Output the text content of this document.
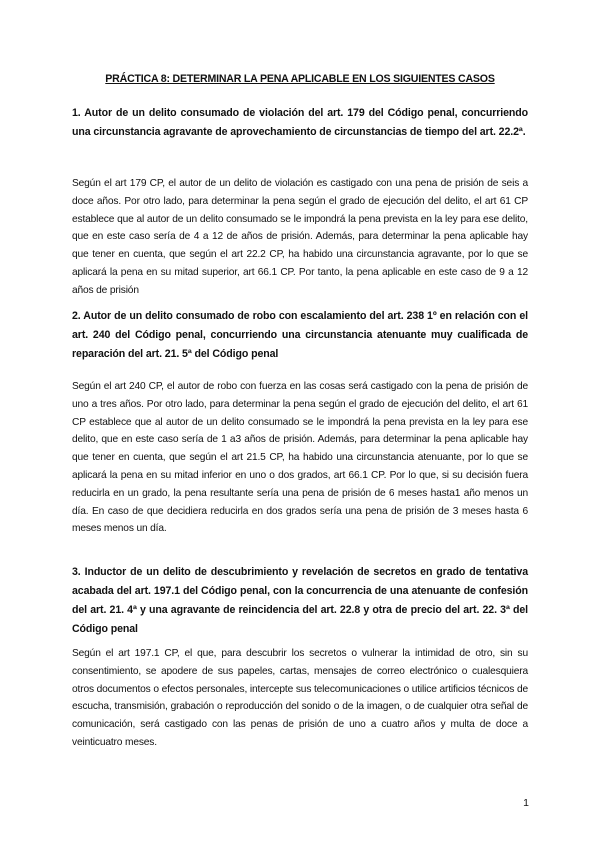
PRÁCTICA 8: DETERMINAR LA PENA APLICABLE EN LOS SIGUIENTES CASOS

1. Autor de un delito consumado de violación del art. 179 del Código penal, concurriendo una circunstancia agravante de aprovechamiento de circunstancias de tiempo del art. 22.2ª.

Según el art 179 CP, el autor de un delito de violación es castigado con una pena de prisión de seis a doce años. Por otro lado, para determinar la pena según el grado de ejecución del delito, el art 61 CP establece que al autor de un delito consumado se le impondrá la pena prevista en la ley para ese delito, que en este caso sería de 4 a 12 de años de prisión. Además, para determinar la pena aplicable hay que tener en cuenta, que según el art 22.2 CP, ha habido una circunstancia agravante, por lo que se aplicará la pena en su mitad superior, art 66.1 CP. Por tanto, la pena aplicable en este caso de 9 a 12 años de prisión

2. Autor de un delito consumado de robo con escalamiento del art. 238 1º en relación con el art. 240 del Código penal, concurriendo una circunstancia atenuante muy cualificada de reparación del art. 21. 5ª del Código penal

Según el art 240 CP, el autor de robo con fuerza en las cosas será castigado con la pena de prisión de uno a tres años. Por otro lado, para determinar la pena según el grado de ejecución del delito, el art 61 CP establece que al autor de un delito consumado se le impondrá la pena prevista en la ley para ese delito, que en este caso sería de 1 a3 años de prisión. Además, para determinar la pena aplicable hay que tener en cuenta, que según el art 21.5 CP, ha habido una circunstancia atenuante, por lo que se aplicará la pena en su mitad inferior en uno o dos grados, art 66.1 CP. Por lo que, si su decisión fuera reducirla en un grado, la pena resultante sería una pena de prisión de 6 meses hasta1 año menos un día. En caso de que decidiera reducirla en dos grados sería una pena de prisión de 3 meses hasta 6 meses menos un día.

3. Inductor de un delito de descubrimiento y revelación de secretos en grado de tentativa acabada del art. 197.1 del Código penal, con la concurrencia de una atenuante de confesión del art. 21. 4ª y una agravante de reincidencia del art. 22.8 y otra de precio del art. 22. 3ª del Código penal

Según el art 197.1 CP, el que, para descubrir los secretos o vulnerar la intimidad de otro, sin su consentimiento, se apodere de sus papeles, cartas, mensajes de correo electrónico o cualesquiera otros documentos o efectos personales, intercepte sus telecomunicaciones o utilice artificios técnicos de escucha, transmisión, grabación o reproducción del sonido o de la imagen, o de cualquier otra señal de comunicación, será castigado con las penas de prisión de uno a cuatro años y multa de doce a veinticuatro meses.

1
